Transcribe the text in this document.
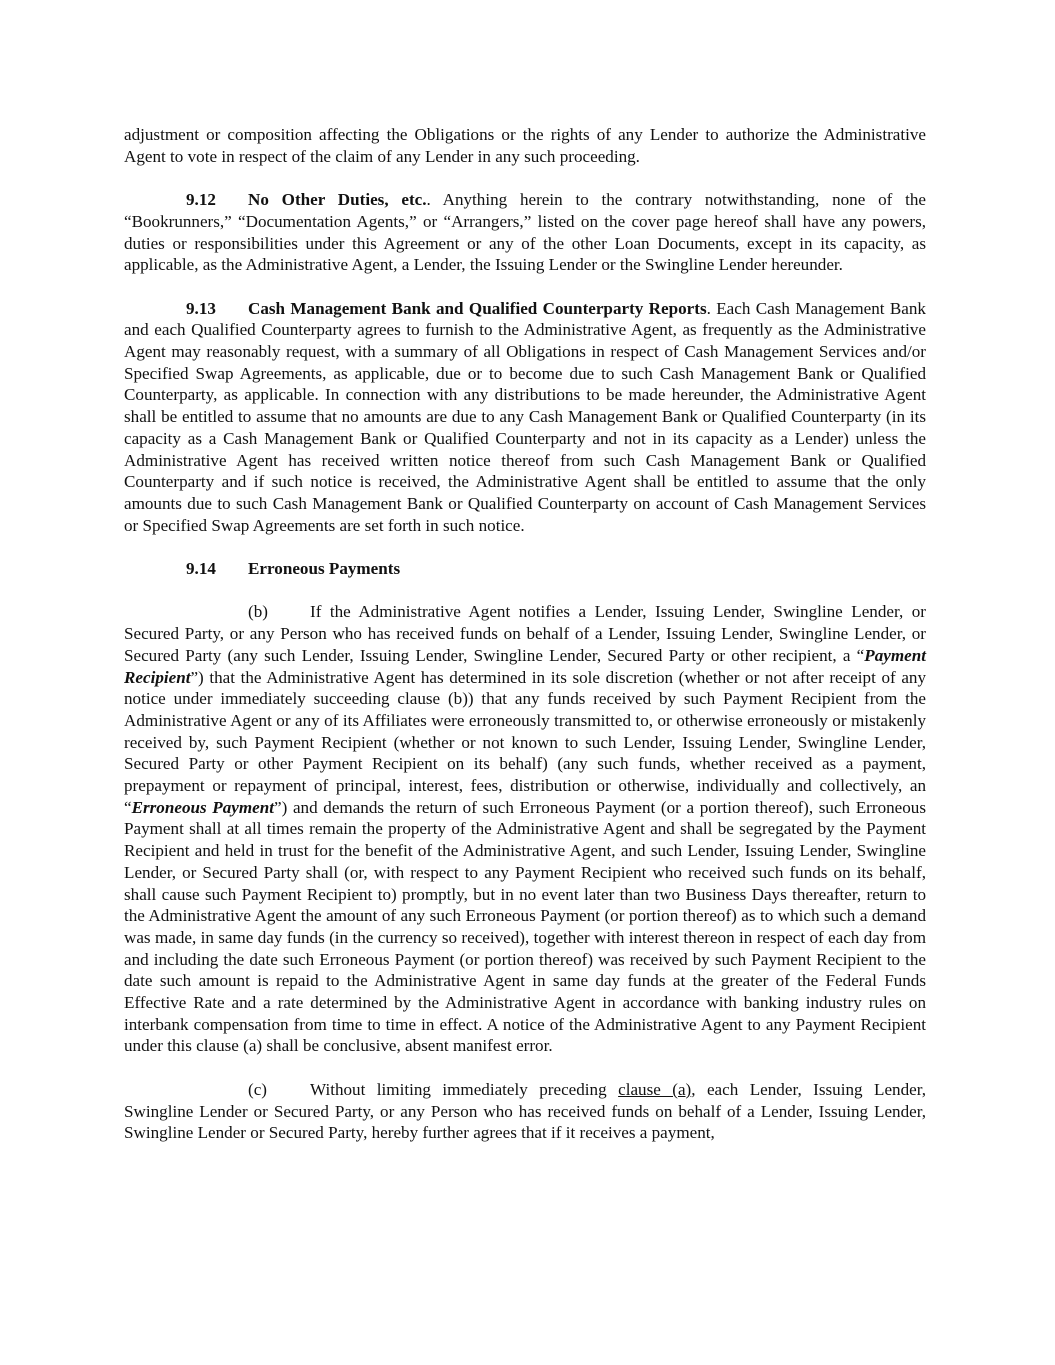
adjustment or composition affecting the Obligations or the rights of any Lender to authorize the Administrative Agent to vote in respect of the claim of any Lender in any such proceeding.

9.12 No Other Duties, etc.. Anything herein to the contrary notwithstanding, none of the “Bookrunners,” “Documentation Agents,” or “Arrangers,” listed on the cover page hereof shall have any powers, duties or responsibilities under this Agreement or any of the other Loan Documents, except in its capacity, as applicable, as the Administrative Agent, a Lender, the Issuing Lender or the Swingline Lender hereunder.

9.13 Cash Management Bank and Qualified Counterparty Reports. Each Cash Management Bank and each Qualified Counterparty agrees to furnish to the Administrative Agent, as frequently as the Administrative Agent may reasonably request, with a summary of all Obligations in respect of Cash Management Services and/or Specified Swap Agreements, as applicable, due or to become due to such Cash Management Bank or Qualified Counterparty, as applicable. In connection with any distributions to be made hereunder, the Administrative Agent shall be entitled to assume that no amounts are due to any Cash Management Bank or Qualified Counterparty (in its capacity as a Cash Management Bank or Qualified Counterparty and not in its capacity as a Lender) unless the Administrative Agent has received written notice thereof from such Cash Management Bank or Qualified Counterparty and if such notice is received, the Administrative Agent shall be entitled to assume that the only amounts due to such Cash Management Bank or Qualified Counterparty on account of Cash Management Services or Specified Swap Agreements are set forth in such notice.

9.14 Erroneous Payments

(b) If the Administrative Agent notifies a Lender, Issuing Lender, Swingline Lender, or Secured Party, or any Person who has received funds on behalf of a Lender, Issuing Lender, Swingline Lender, or Secured Party (any such Lender, Issuing Lender, Swingline Lender, Secured Party or other recipient, a “Payment Recipient”) that the Administrative Agent has determined in its sole discretion (whether or not after receipt of any notice under immediately succeeding clause (b)) that any funds received by such Payment Recipient from the Administrative Agent or any of its Affiliates were erroneously transmitted to, or otherwise erroneously or mistakenly received by, such Payment Recipient (whether or not known to such Lender, Issuing Lender, Swingline Lender, Secured Party or other Payment Recipient on its behalf) (any such funds, whether received as a payment, prepayment or repayment of principal, interest, fees, distribution or otherwise, individually and collectively, an “Erroneous Payment”) and demands the return of such Erroneous Payment (or a portion thereof), such Erroneous Payment shall at all times remain the property of the Administrative Agent and shall be segregated by the Payment Recipient and held in trust for the benefit of the Administrative Agent, and such Lender, Issuing Lender, Swingline Lender, or Secured Party shall (or, with respect to any Payment Recipient who received such funds on its behalf, shall cause such Payment Recipient to) promptly, but in no event later than two Business Days thereafter, return to the Administrative Agent the amount of any such Erroneous Payment (or portion thereof) as to which such a demand was made, in same day funds (in the currency so received), together with interest thereon in respect of each day from and including the date such Erroneous Payment (or portion thereof) was received by such Payment Recipient to the date such amount is repaid to the Administrative Agent in same day funds at the greater of the Federal Funds Effective Rate and a rate determined by the Administrative Agent in accordance with banking industry rules on interbank compensation from time to time in effect. A notice of the Administrative Agent to any Payment Recipient under this clause (a) shall be conclusive, absent manifest error.

(c)	Without limiting immediately preceding clause (a), each Lender, Issuing Lender, Swingline Lender or Secured Party, or any Person who has received funds on behalf of a Lender, Issuing Lender, Swingline Lender or Secured Party, hereby further agrees that if it receives a payment,
